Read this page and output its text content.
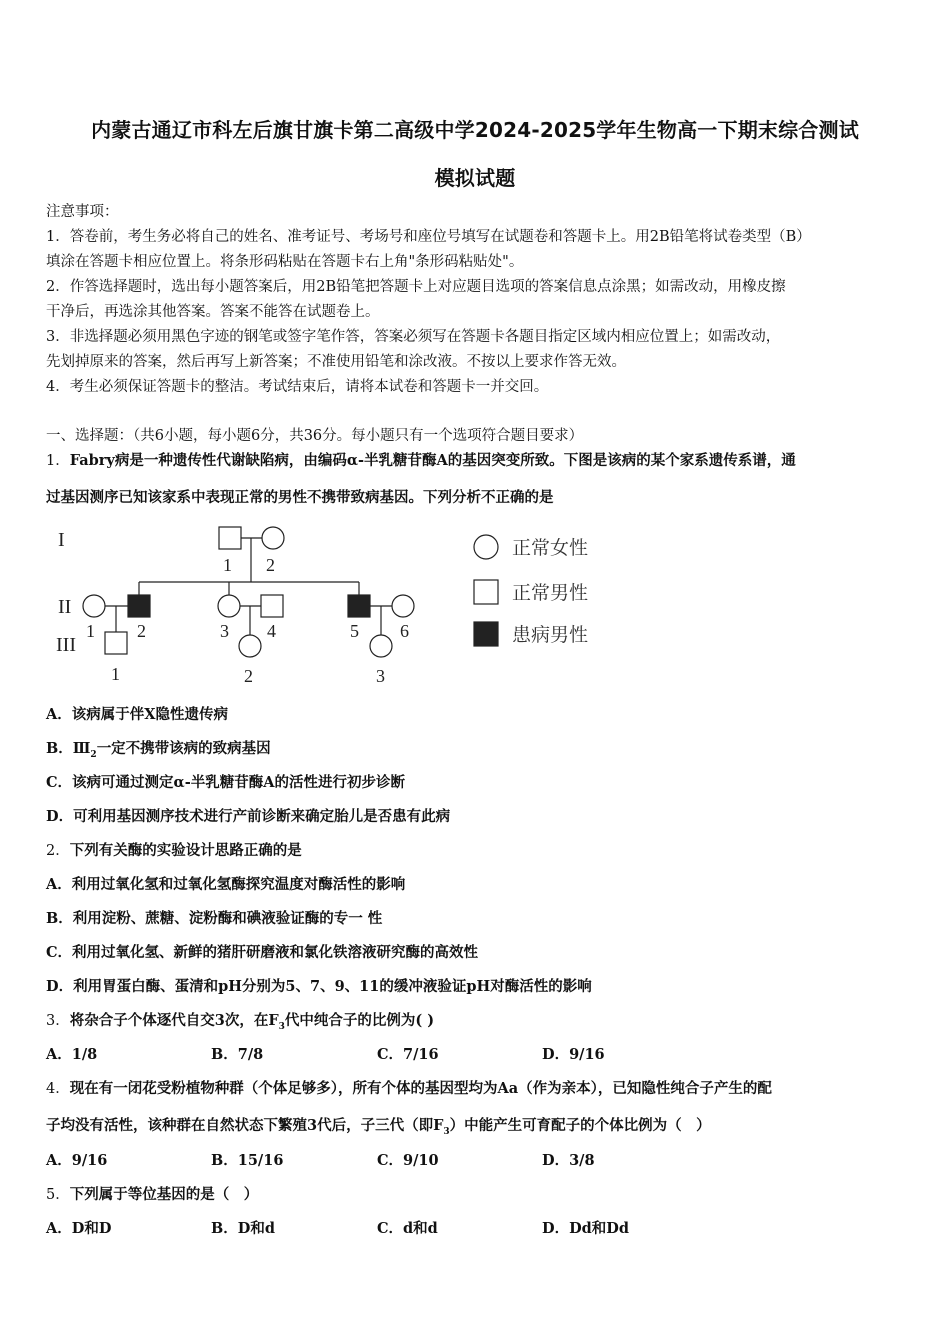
内蒙古通辽市科左后旗甘旗卡第二高级中学2024-2025学年生物高一下期末综合测试
模拟试题
注意事项：
1．答卷前，考生务必将自己的姓名、准考证号、考场号和座位号填写在试题卷和答题卡上。用2B铅笔将试卷类型（B）
填涂在答题卡相应位置上。将条形码粘贴在答题卡右上角"条形码粘贴处"。
2．作答选择题时，选出每小题答案后，用2B铅笔把答题卡上对应题目选项的答案信息点涂黑；如需改动，用橡皮擦
干净后，再选涂其他答案。答案不能答在试题卷上。
3．非选择题必须用黑色字迹的钢笔或签字笔作答，答案必须写在答题卡各题目指定区域内相应位置上；如需改动，
先划掉原来的答案，然后再写上新答案；不准使用铅笔和涂改液。不按以上要求作答无效。
4．考生必须保证答题卡的整洁。考试结束后，请将本试卷和答题卡一并交回。
一、选择题：（共6小题，每小题6分，共36分。每小题只有一个选项符合题目要求）
1．Fabry病是一种遗传性代谢缺陷病，由编码α-半乳糖苷酶A的基因突变所致。下图是该病的某个家系遗传系谱，通
过基因测序已知该家系中表现正常的男性不携带致病基因。下列分析不正确的是
I
II
III
1 2
1 2	3 4	5 6
1	2	3
正常女性
正常男性
患病男性
A．该病属于伴X隐性遗传病
B．$Ⅲ_2$一定不携带该病的致病基因
C．该病可通过测定α-半乳糖苷酶A的活性进行初步诊断
D．可利用基因测序技术进行产前诊断来确定胎儿是否患有此病
2．下列有关酶的实验设计思路正确的是
A．利用过氧化氢和过氧化氢酶探究温度对酶活性的影响
B．利用淀粉、蔗糖、淀粉酶和碘液验证酶的专一 性
C．利用过氧化氢、新鲜的猪肝研磨液和氯化铁溶液研究酶的高效性
D．利用胃蛋白酶、蛋清和pH分别为5、7、9、11的缓冲液验证pH对酶活性的影响
3．将杂合子个体逐代自交3次，在$F_3$代中纯合子的比例为( )
A．1/8	B．7/8	C．7/16	D．9/16
4．现在有一闭花受粉植物种群（个体足够多），所有个体的基因型均为Aa（作为亲本），已知隐性纯合子产生的配
子均没有活性，该种群在自然状态下繁殖3代后，子三代（即$F_3$）中能产生可育配子的个体比例为（　）
A．9/16	B．15/16	C．9/10	D．3/8
5．下列属于等位基因的是（　）
A．D和D	B．D和d	C．d和d	D．Dd和Dd
